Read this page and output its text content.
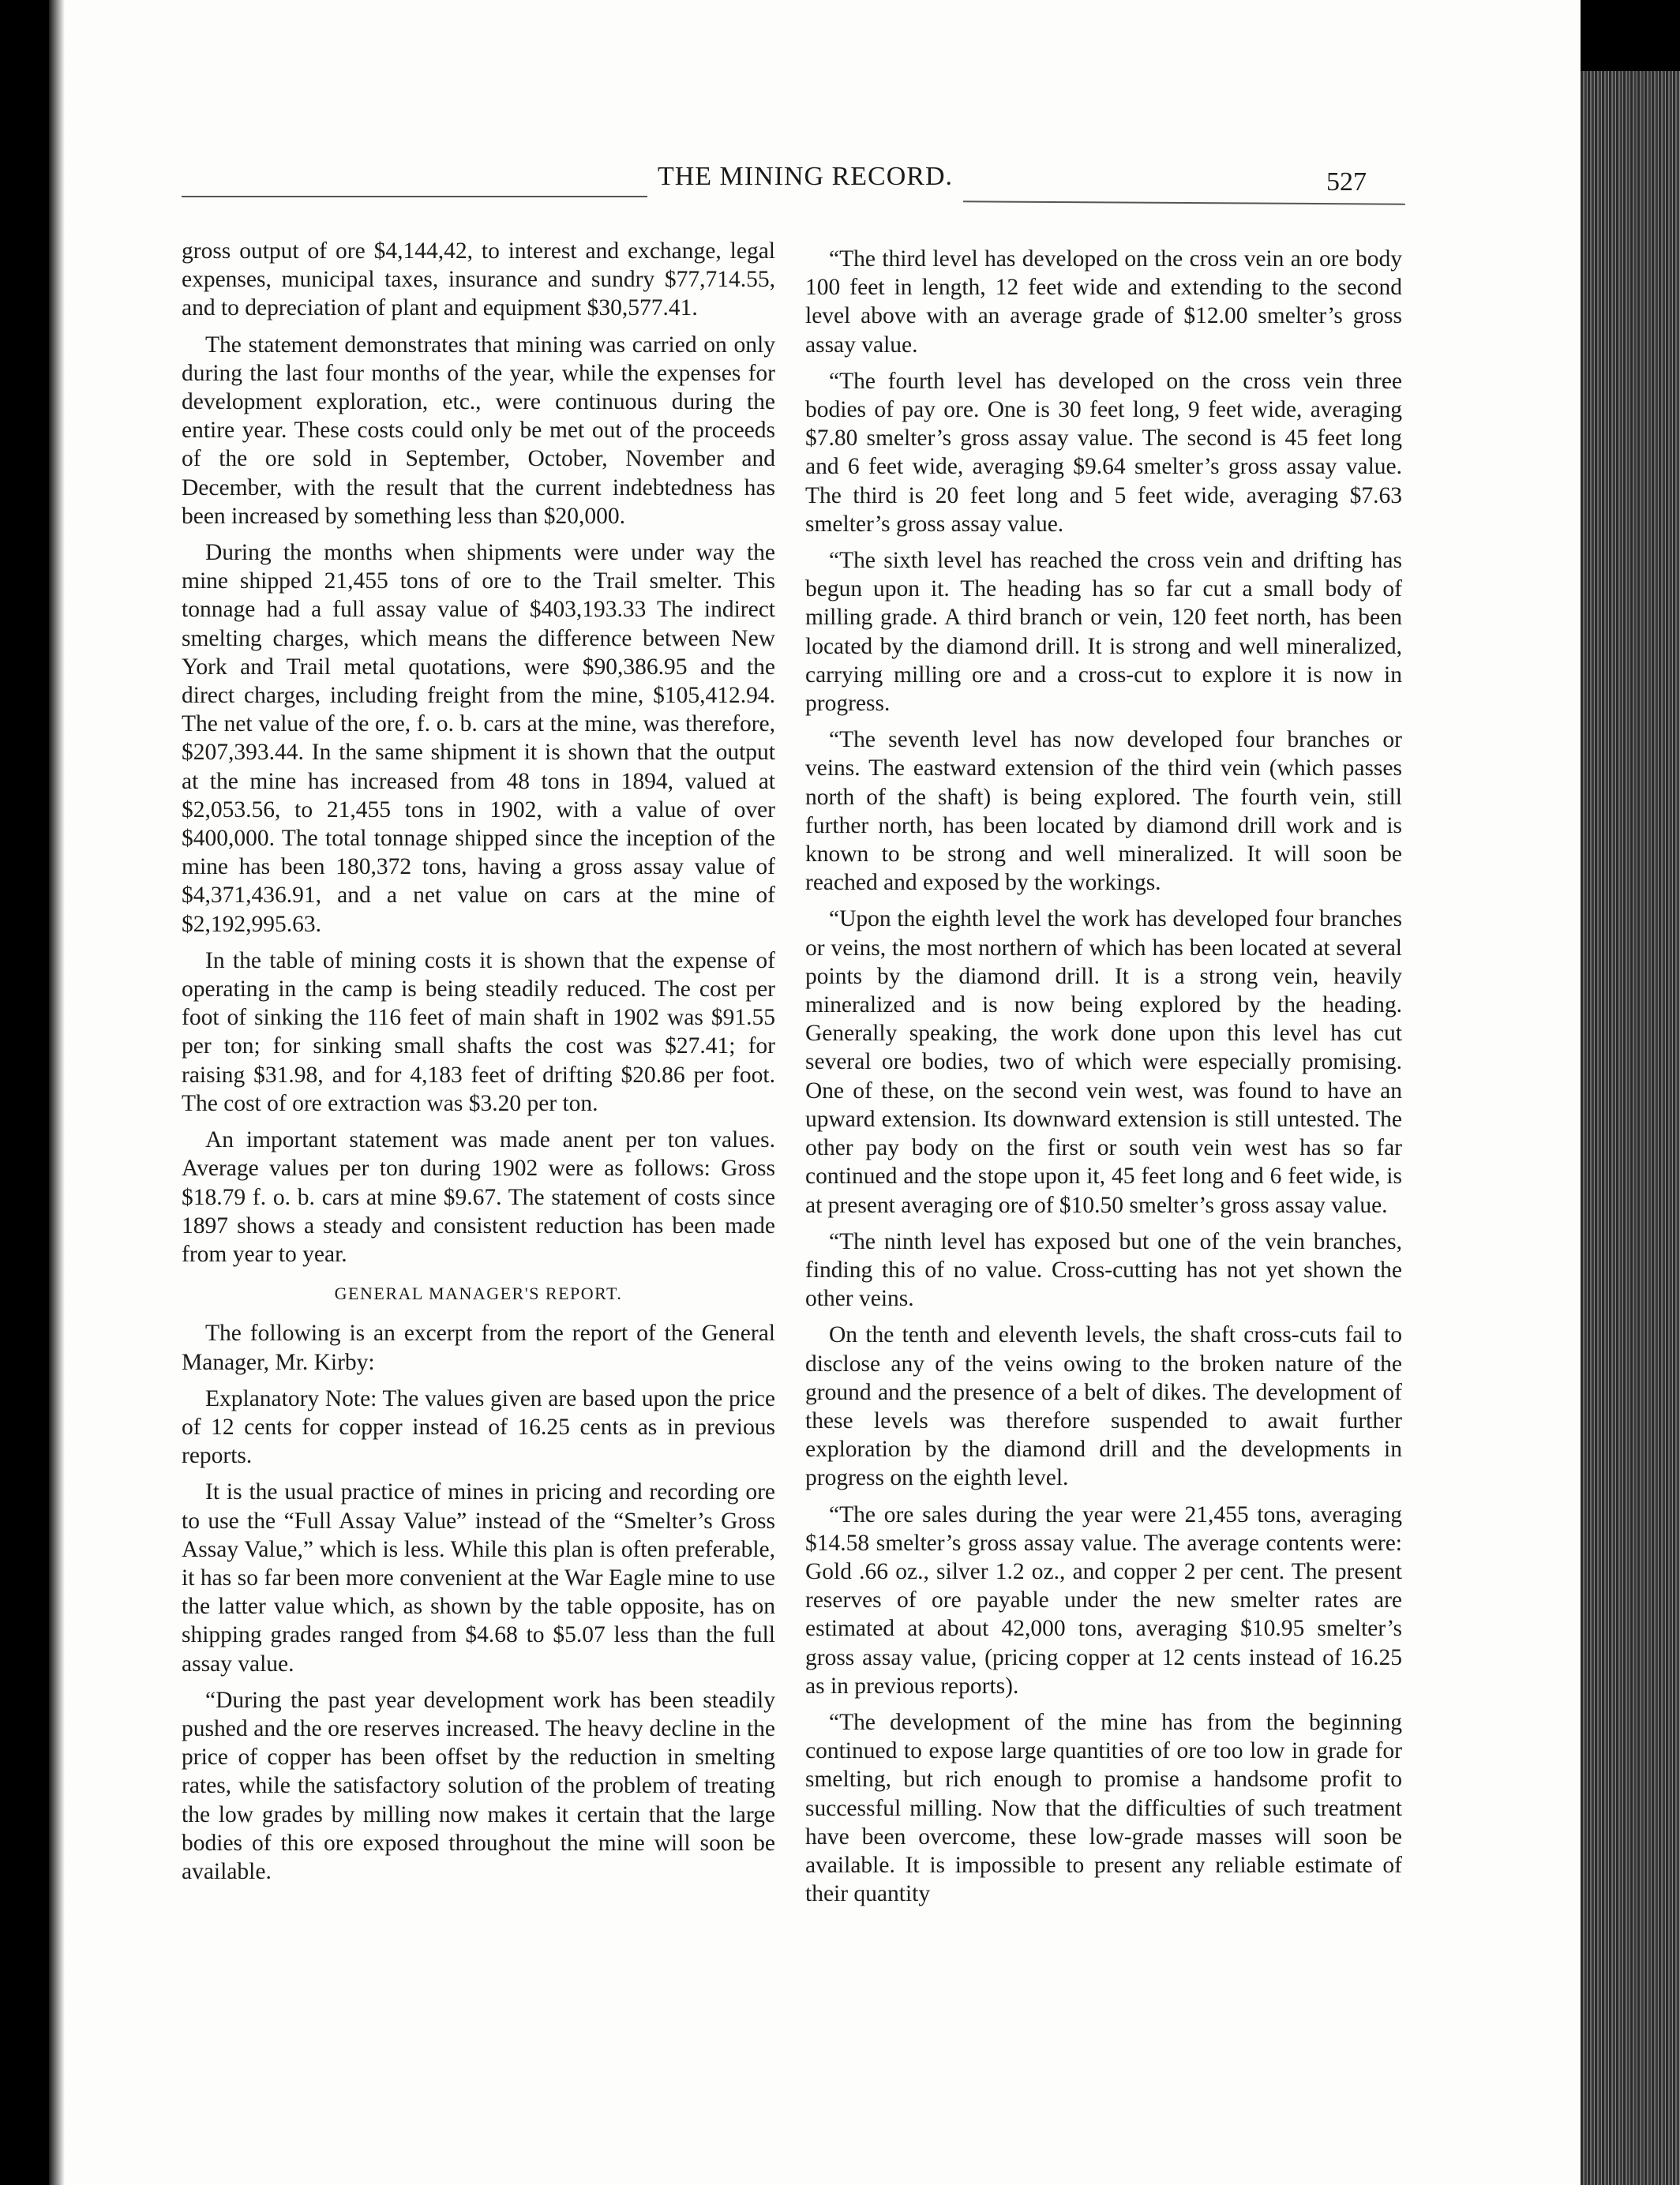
THE MINING RECORD.	527

gross output of ore $4,144,42, to interest and exchange, legal expenses, municipal taxes, insurance and sundry $77,714.55, and to depreciation of plant and equipment $30,577.41.

The statement demonstrates that mining was carried on only during the last four months of the year, while the expenses for development exploration, etc., were continuous during the entire year. These costs could only be met out of the proceeds of the ore sold in September, October, November and December, with the result that the current indebtedness has been increased by something less than $20,000.

During the months when shipments were under way the mine shipped 21,455 tons of ore to the Trail smelter. This tonnage had a full assay value of $403,193.33 The indirect smelting charges, which means the difference between New York and Trail metal quotations, were $90,386.95 and the direct charges, including freight from the mine, $105,412.94. The net value of the ore, f. o. b. cars at the mine, was therefore, $207,393.44. In the same shipment it is shown that the output at the mine has increased from 48 tons in 1894, valued at $2,053.56, to 21,455 tons in 1902, with a value of over $400,000. The total tonnage shipped since the inception of the mine has been 180,372 tons, having a gross assay value of $4,371,436.91, and a net value on cars at the mine of $2,192,995.63.

In the table of mining costs it is shown that the expense of operating in the camp is being steadily reduced. The cost per foot of sinking the 116 feet of main shaft in 1902 was $91.55 per ton; for sinking small shafts the cost was $27.41; for raising $31.98, and for 4,183 feet of drifting $20.86 per foot. The cost of ore extraction was $3.20 per ton.

An important statement was made anent per ton values. Average values per ton during 1902 were as follows: Gross $18.79 f. o. b. cars at mine $9.67. The statement of costs since 1897 shows a steady and consistent reduction has been made from year to year.

GENERAL MANAGER'S REPORT.

The following is an excerpt from the report of the General Manager, Mr. Kirby:

Explanatory Note: The values given are based upon the price of 12 cents for copper instead of 16.25 cents as in previous reports.

It is the usual practice of mines in pricing and recording ore to use the “Full Assay Value” instead of the “Smelter’s Gross Assay Value,” which is less. While this plan is often preferable, it has so far been more convenient at the War Eagle mine to use the latter value which, as shown by the table opposite, has on shipping grades ranged from $4.68 to $5.07 less than the full assay value.

“During the past year development work has been steadily pushed and the ore reserves increased. The heavy decline in the price of copper has been offset by the reduction in smelting rates, while the satisfactory solution of the problem of treating the low grades by milling now makes it certain that the large bodies of this ore exposed throughout the mine will soon be available.

“The third level has developed on the cross vein an ore body 100 feet in length, 12 feet wide and extending to the second level above with an average grade of $12.00 smelter’s gross assay value.

“The fourth level has developed on the cross vein three bodies of pay ore. One is 30 feet long, 9 feet wide, averaging $7.80 smelter’s gross assay value. The second is 45 feet long and 6 feet wide, averaging $9.64 smelter’s gross assay value. The third is 20 feet long and 5 feet wide, averaging $7.63 smelter’s gross assay value.

“The sixth level has reached the cross vein and drifting has begun upon it. The heading has so far cut a small body of milling grade. A third branch or vein, 120 feet north, has been located by the diamond drill. It is strong and well mineralized, carrying milling ore and a cross-cut to explore it is now in progress.

“The seventh level has now developed four branches or veins. The eastward extension of the third vein (which passes north of the shaft) is being explored. The fourth vein, still further north, has been located by diamond drill work and is known to be strong and well mineralized. It will soon be reached and exposed by the workings.

“Upon the eighth level the work has developed four branches or veins, the most northern of which has been located at several points by the diamond drill. It is a strong vein, heavily mineralized and is now being explored by the heading. Generally speaking, the work done upon this level has cut several ore bodies, two of which were especially promising. One of these, on the second vein west, was found to have an upward extension. Its downward extension is still untested. The other pay body on the first or south vein west has so far continued and the stope upon it, 45 feet long and 6 feet wide, is at present averaging ore of $10.50 smelter’s gross assay value.

“The ninth level has exposed but one of the vein branches, finding this of no value. Cross-cutting has not yet shown the other veins.

On the tenth and eleventh levels, the shaft cross-cuts fail to disclose any of the veins owing to the broken nature of the ground and the presence of a belt of dikes. The development of these levels was therefore suspended to await further exploration by the diamond drill and the developments in progress on the eighth level.

“The ore sales during the year were 21,455 tons, averaging $14.58 smelter’s gross assay value. The average contents were: Gold .66 oz., silver 1.2 oz., and copper 2 per cent. The present reserves of ore payable under the new smelter rates are estimated at about 42,000 tons, averaging $10.95 smelter’s gross assay value, (pricing copper at 12 cents instead of 16.25 as in previous reports).

“The development of the mine has from the beginning continued to expose large quantities of ore too low in grade for smelting, but rich enough to promise a handsome profit to successful milling. Now that the difficulties of such treatment have been overcome, these low-grade masses will soon be available. It is impossible to present any reliable estimate of their quantity
